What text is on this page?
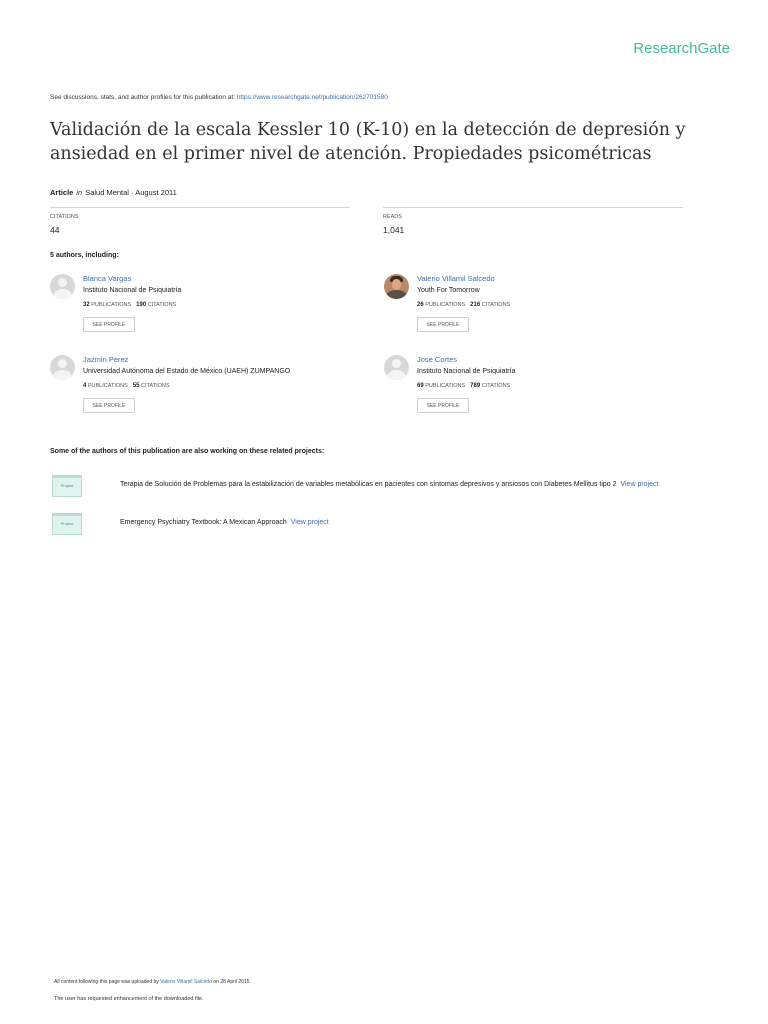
ResearchGate
See discussions, stats, and author profiles for this publication at: https://www.researchgate.net/publication/262701580
Validación de la escala Kessler 10 (K-10) en la detección de depresión y ansiedad en el primer nivel de atención. Propiedades psicométricas
Article in Salud Mental · August 2011
CITATIONS
44
READS
1,041
5 authors, including:
Blanca Vargas
Instituto Nacional de Psiquiatría
32 PUBLICATIONS 190 CITATIONS
SEE PROFILE
Valerio Villamil Salcedo
Youth For Tomorrow
26 PUBLICATIONS 216 CITATIONS
SEE PROFILE
Jazmin Perez
Universidad Autónoma del Estado de México (UAEH) ZUMPANGO
4 PUBLICATIONS 55 CITATIONS
SEE PROFILE
Jose Cortes
Instituto Nacional de Psiquiatría
69 PUBLICATIONS 789 CITATIONS
SEE PROFILE
Some of the authors of this publication are also working on these related projects:
Project	Terapia de Solución de Problemas para la estabilización de variables metabólicas en pacientes con síntomas depresivos y ansiosos con Diabetes Mellitus tipo 2 View project
Project	Emergency Psychiatry Textbook: A Mexican Approach View project
All content following this page was uploaded by Valerio Villamil Salcedo on 28 April 2015.
The user has requested enhancement of the downloaded file.
